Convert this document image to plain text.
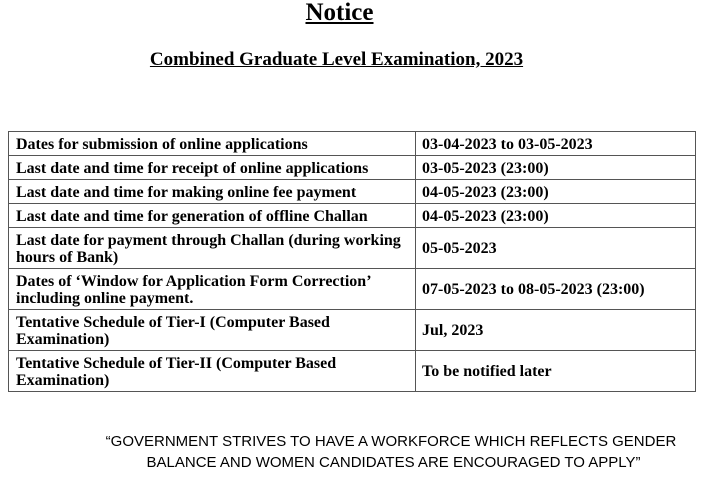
Notice
Combined Graduate Level Examination, 2023
Dates for submission of online applications	03-04-2023 to 03-05-2023
Last date and time for receipt of online applications	03-05-2023 (23:00)
Last date and time for making online fee payment	04-05-2023 (23:00)
Last date and time for generation of offline Challan	04-05-2023 (23:00)
Last date for payment through Challan (during working hours of Bank)	05-05-2023
Dates of ‘Window for Application Form Correction’ including online payment.	07-05-2023 to 08-05-2023 (23:00)
Tentative Schedule of Tier-I (Computer Based Examination)	Jul, 2023
Tentative Schedule of Tier-II (Computer Based Examination)	To be notified later
“GOVERNMENT STRIVES TO HAVE A WORKFORCE WHICH REFLECTS GENDER
BALANCE AND WOMEN CANDIDATES ARE ENCOURAGED TO APPLY”
